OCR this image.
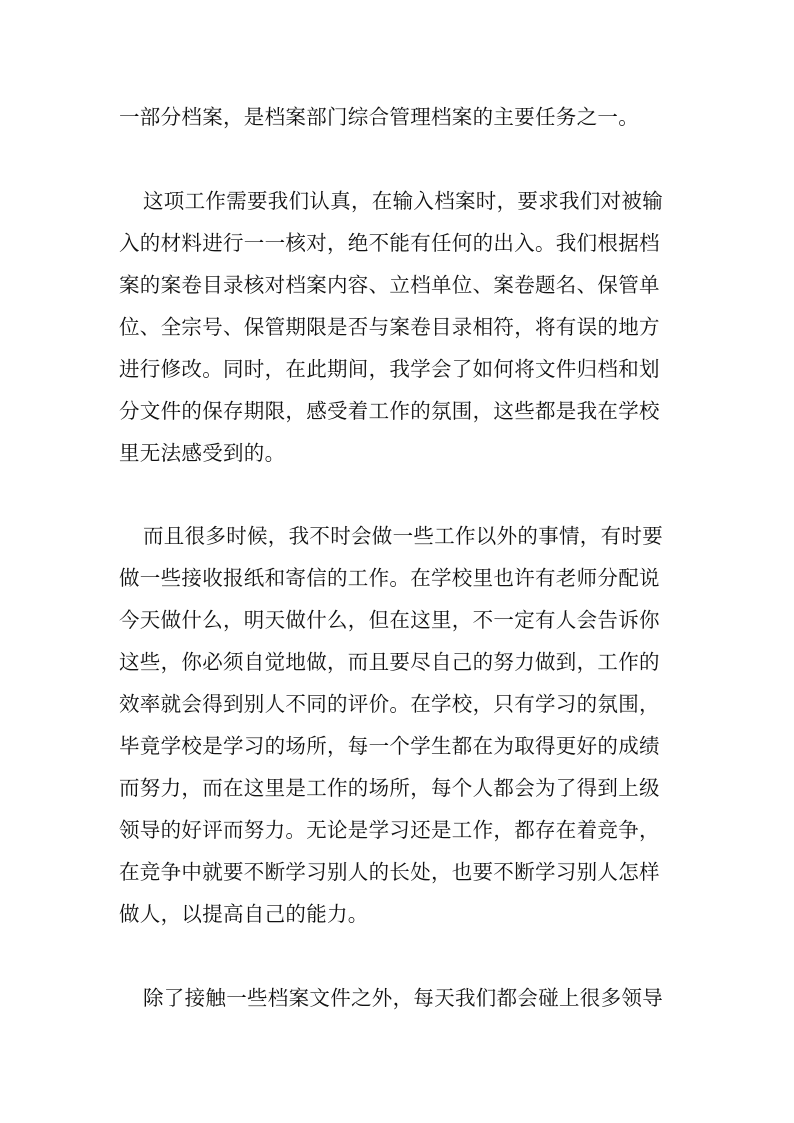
一部分档案，是档案部门综合管理档案的主要任务之一。
这项工作需要我们认真，在输入档案时，要求我们对被输
入的材料进行一一核对，绝不能有任何的出入。我们根据档
案的案卷目录核对档案内容、立档单位、案卷题名、保管单
位、全宗号、保管期限是否与案卷目录相符，将有误的地方
进行修改。同时，在此期间，我学会了如何将文件归档和划
分文件的保存期限，感受着工作的氛围，这些都是我在学校
里无法感受到的。
而且很多时候，我不时会做一些工作以外的事情，有时要
做一些接收报纸和寄信的工作。在学校里也许有老师分配说
今天做什么，明天做什么，但在这里，不一定有人会告诉你
这些，你必须自觉地做，而且要尽自己的努力做到，工作的
效率就会得到别人不同的评价。在学校，只有学习的氛围，
毕竟学校是学习的场所，每一个学生都在为取得更好的成绩
而努力，而在这里是工作的场所，每个人都会为了得到上级
领导的好评而努力。无论是学习还是工作，都存在着竞争，
在竞争中就要不断学习别人的长处，也要不断学习别人怎样
做人，以提高自己的能力。
除了接触一些档案文件之外，每天我们都会碰上很多领导
